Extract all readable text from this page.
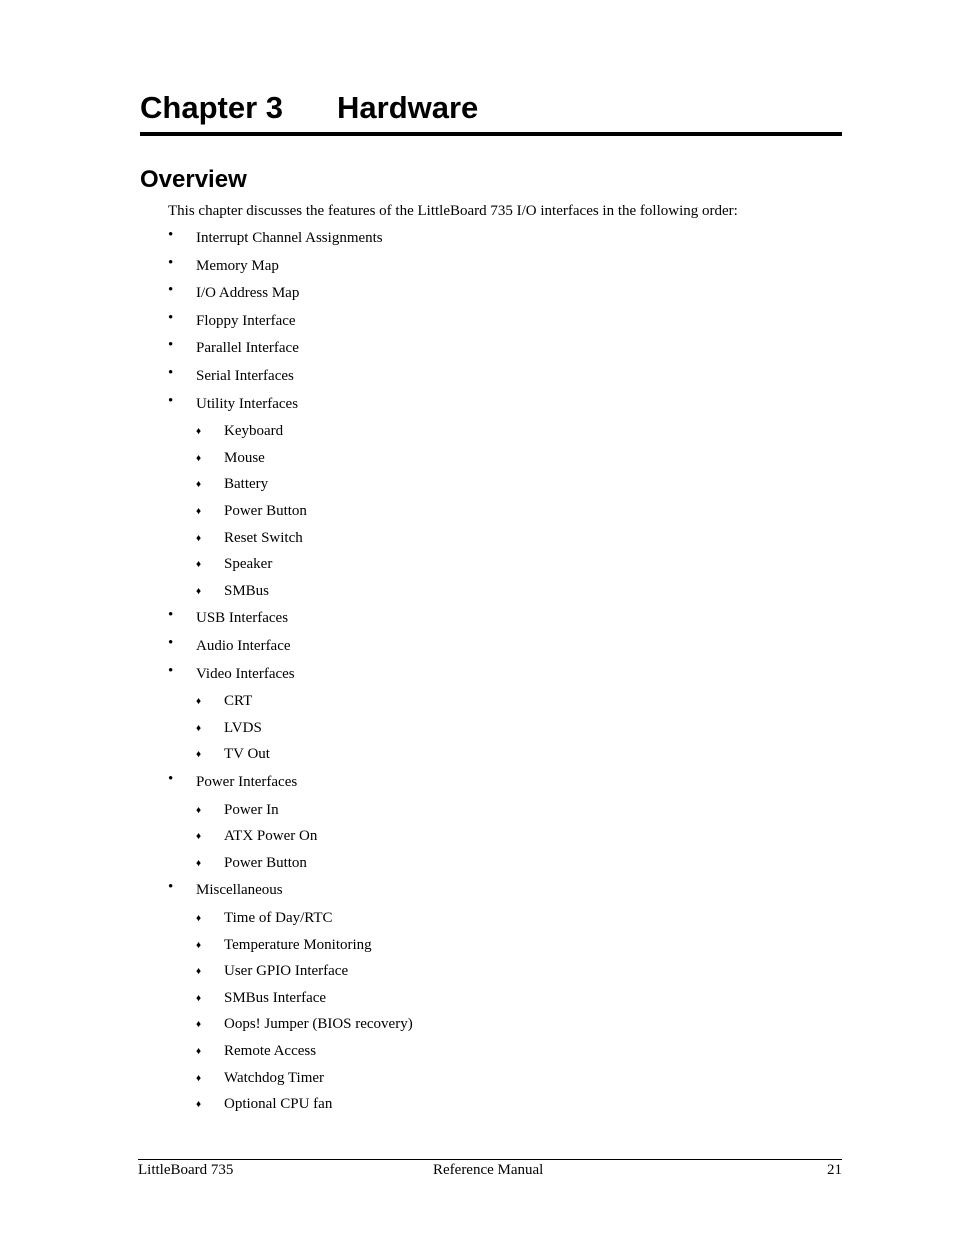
Chapter 3 Hardware
Overview

This chapter discusses the features of the LittleBoard 735 I/O interfaces in the following order:

•	Interrupt Channel Assignments
•	Memory Map
•	I/O Address Map
•	Floppy Interface
•	Parallel Interface
•	Serial Interfaces
•	Utility Interfaces
♦	Keyboard
♦	Mouse
♦	Battery
♦	Power Button
♦	Reset Switch
♦	Speaker
♦	SMBus
•	USB Interfaces
•	Audio Interface
•	Video Interfaces
♦	CRT
♦	LVDS
♦	TV Out
•	Power Interfaces
♦	Power In
♦	ATX Power On
♦	Power Button
•	Miscellaneous
♦	Time of Day/RTC
♦	Temperature Monitoring
♦	User GPIO Interface
♦	SMBus Interface
♦	Oops! Jumper (BIOS recovery)
♦	Remote Access
♦	Watchdog Timer
♦	Optional CPU fan
LittleBoard 735	Reference Manual	21
